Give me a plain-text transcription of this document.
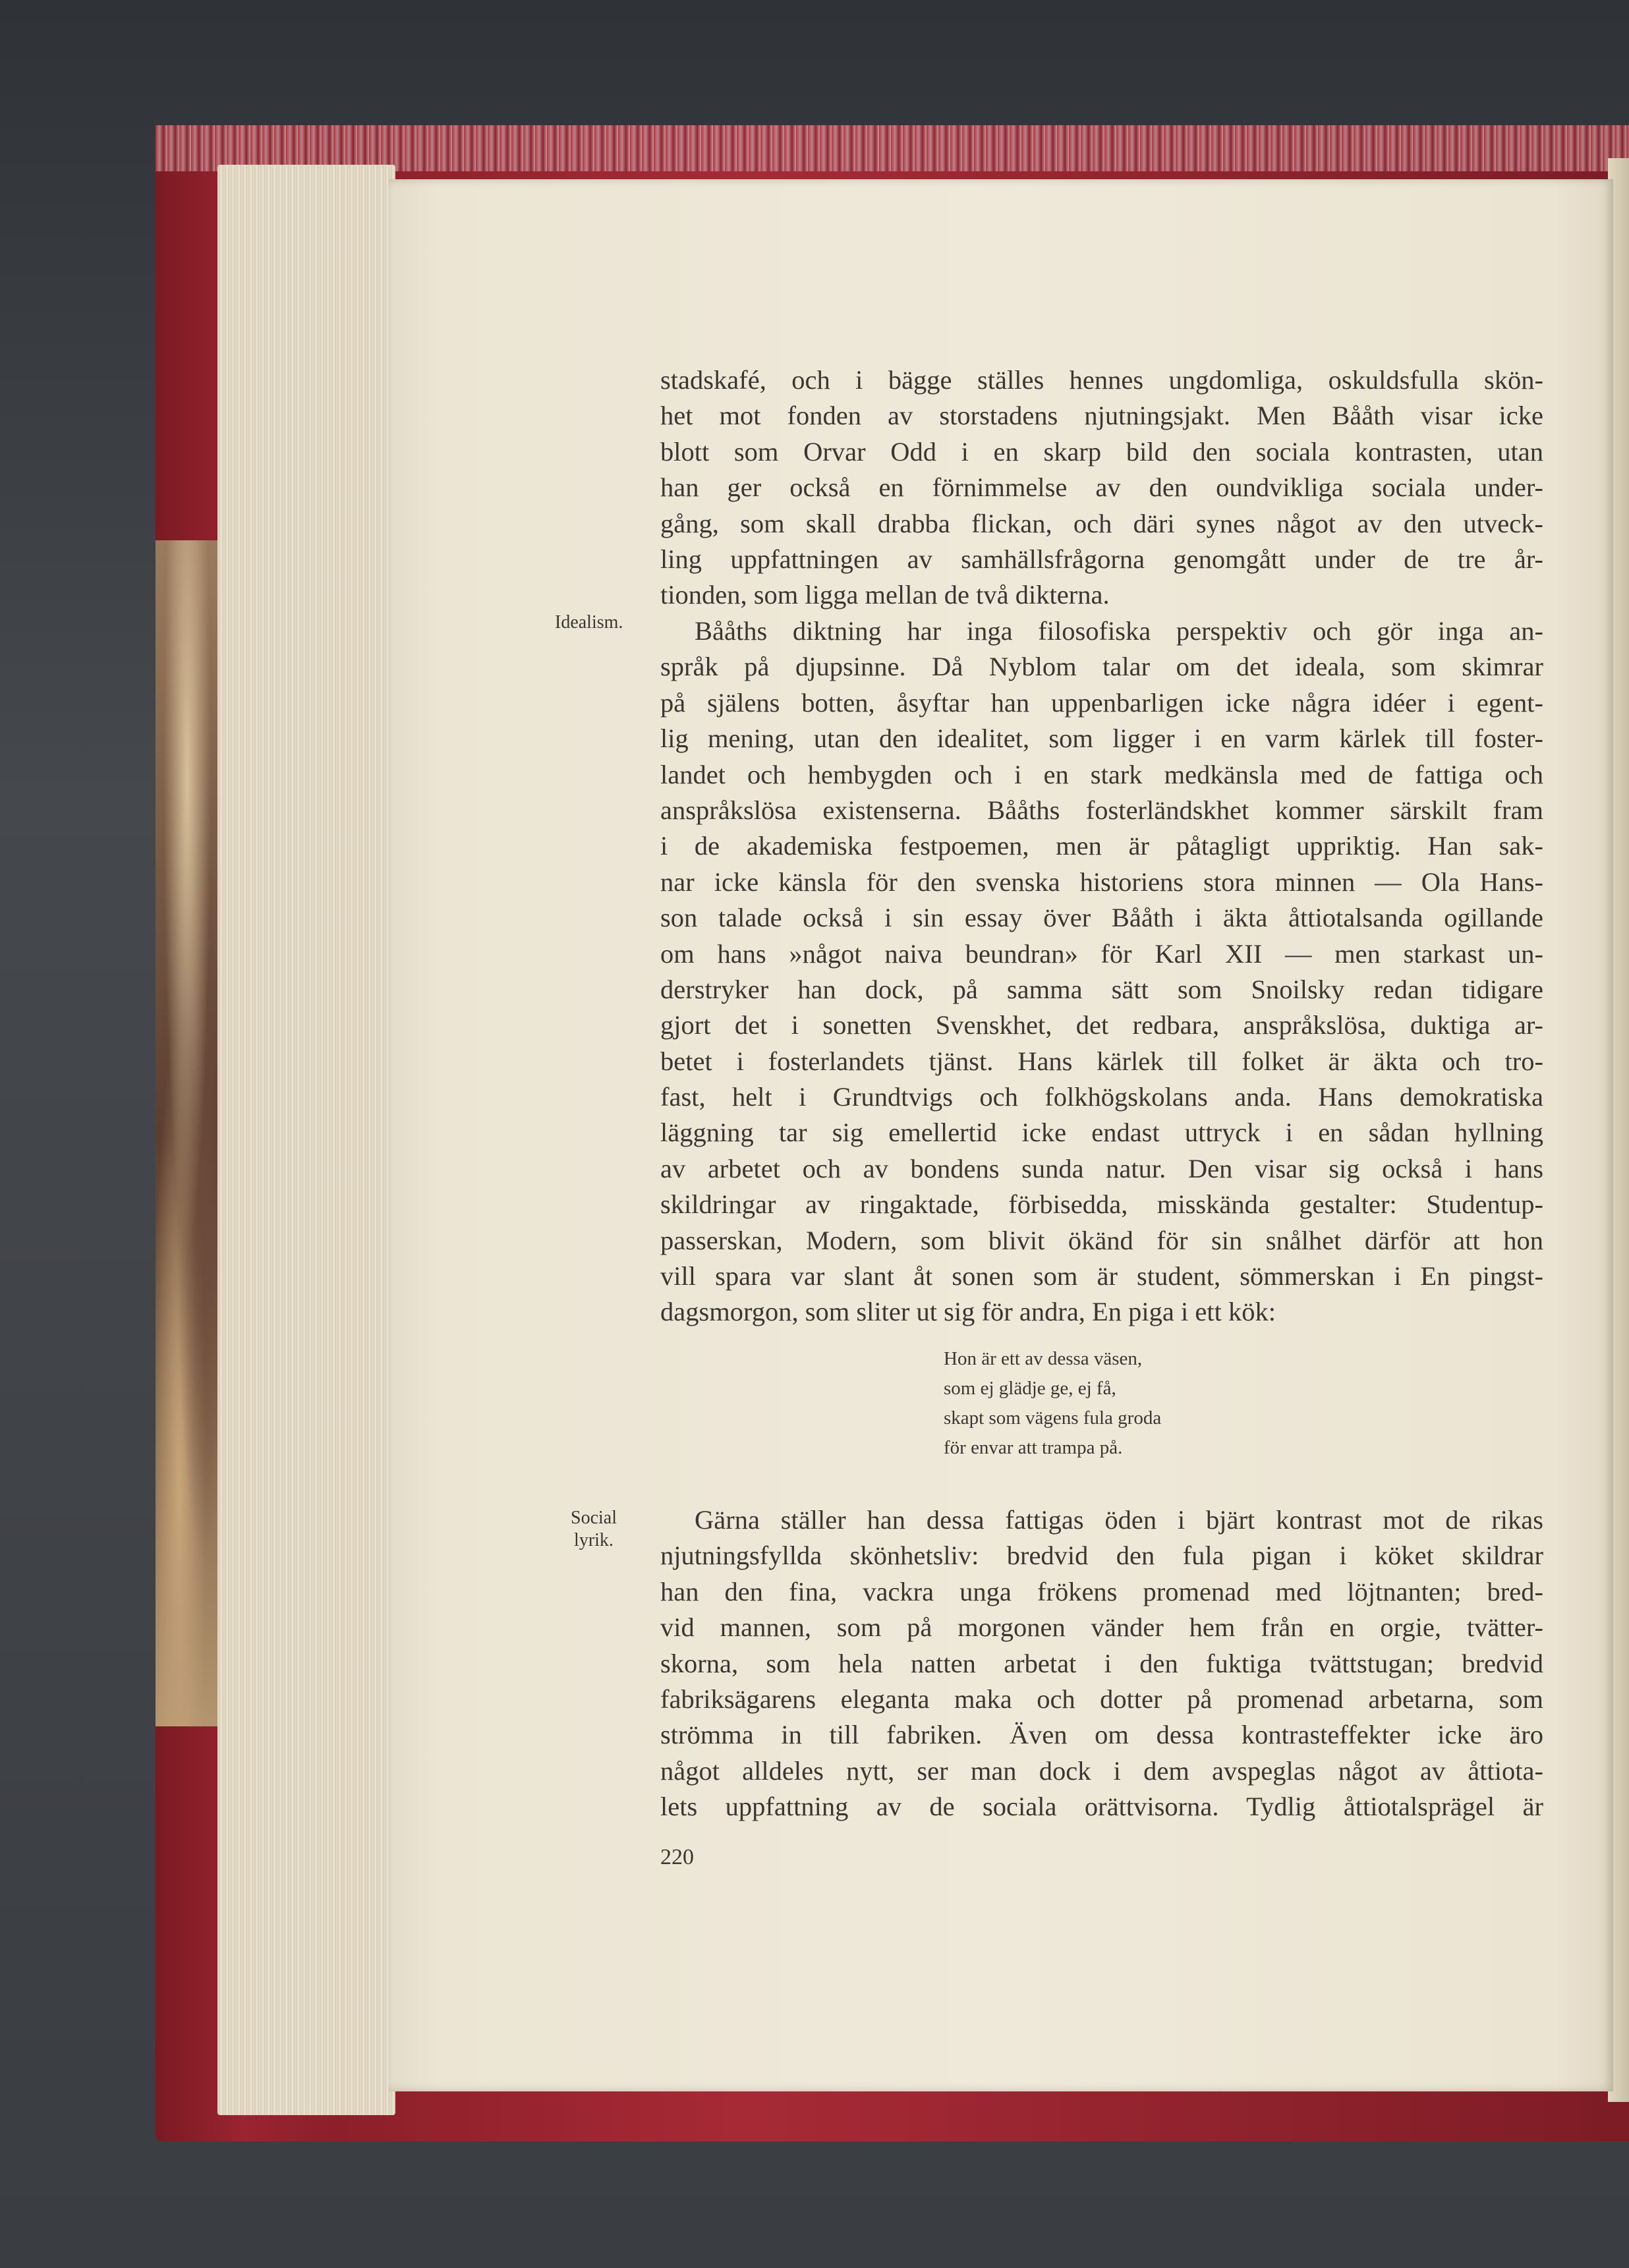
Idealism.
Social
lyrik.
stadskafé, och i bägge ställes hennes ungdomliga, oskuldsfulla skön-
het mot fonden av storstadens njutningsjakt. Men Bååth visar icke
blott som Orvar Odd i en skarp bild den sociala kontrasten, utan
han ger också en förnimmelse av den oundvikliga sociala under-
gång, som skall drabba flickan, och däri synes något av den utveck-
ling uppfattningen av samhällsfrågorna genomgått under de tre år-
tionden, som ligga mellan de två dikterna.
Bååths diktning har inga filosofiska perspektiv och gör inga an-
språk på djupsinne. Då Nyblom talar om det ideala, som skimrar
på själens botten, åsyftar han uppenbarligen icke några idéer i egent-
lig mening, utan den idealitet, som ligger i en varm kärlek till foster-
landet och hembygden och i en stark medkänsla med de fattiga och
anspråkslösa existenserna. Bååths fosterländskhet kommer särskilt fram
i de akademiska festpoemen, men är påtagligt uppriktig. Han sak-
nar icke känsla för den svenska historiens stora minnen — Ola Hans-
son talade också i sin essay över Bååth i äkta åttiotalsanda ogillande
om hans »något naiva beundran» för Karl XII — men starkast un-
derstryker han dock, på samma sätt som Snoilsky redan tidigare
gjort det i sonetten Svenskhet, det redbara, anspråkslösa, duktiga ar-
betet i fosterlandets tjänst. Hans kärlek till folket är äkta och tro-
fast, helt i Grundtvigs och folkhögskolans anda. Hans demokratiska
läggning tar sig emellertid icke endast uttryck i en sådan hyllning
av arbetet och av bondens sunda natur. Den visar sig också i hans
skildringar av ringaktade, förbisedda, misskända gestalter: Studentup-
passerskan, Modern, som blivit ökänd för sin snålhet därför att hon
vill spara var slant åt sonen som är student, sömmerskan i En pingst-
dagsmorgon, som sliter ut sig för andra, En piga i ett kök:
Hon är ett av dessa väsen,
som ej glädje ge, ej få,
skapt som vägens fula groda
för envar att trampa på.
Gärna ställer han dessa fattigas öden i bjärt kontrast mot de rikas
njutningsfyllda skönhetsliv: bredvid den fula pigan i köket skildrar
han den fina, vackra unga frökens promenad med löjtnanten; bred-
vid mannen, som på morgonen vänder hem från en orgie, tvätter-
skorna, som hela natten arbetat i den fuktiga tvättstugan; bredvid
fabriksägarens eleganta maka och dotter på promenad arbetarna, som
strömma in till fabriken. Även om dessa kontrasteffekter icke äro
något alldeles nytt, ser man dock i dem avspeglas något av åttiota-
lets uppfattning av de sociala orättvisorna. Tydlig åttiotalsprägel är
220
